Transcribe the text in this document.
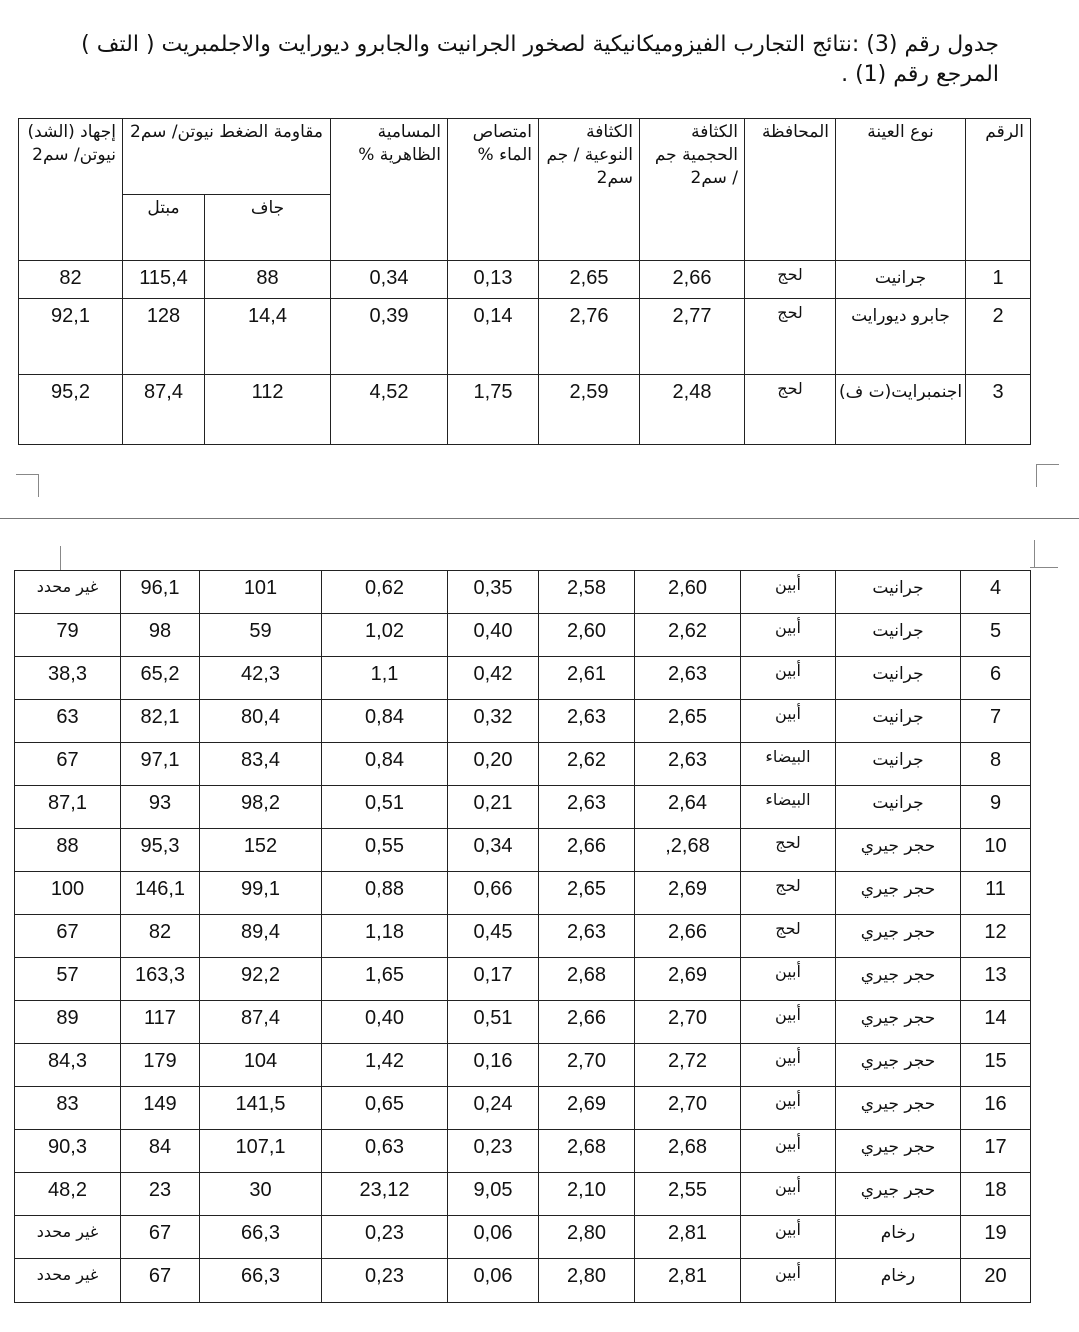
جدول رقم (3) :نتائج التجارب الفيزوميكانيكية لصخور الجرانيت والجابرو ديورايت والاجلمبريت ( التف )
المرجع رقم (1) .
إجهاد (الشد) نيوتن/ سم2	مقاومة الضغط نيوتن/ سم2		المسامية الظاهرية %	امتصاص الماء %	الكثافة النوعية / جم سم2	الكثافة الحجمية جم / سم2	المحافظة	نوع العينة	الرقم
	مبتل	جاف							
82	115,4	88	0,34	0,13	2,65	2,66	لحج	جرانيت	1
92,1	128	14,4	0,39	0,14	2,76	2,77	لحج	جابرو ديورايت	2
95,2	87,4	112	4,52	1,75	2,59	2,48	لحج	اجنمبرايت(ت ف)	3
غير محدد	96,1	101	0,62	0,35	2,58	2,60	أبين	جرانيت	4
79	98	59	1,02	0,40	2,60	2,62	أبين	جرانيت	5
38,3	65,2	42,3	1,1	0,42	2,61	2,63	أبين	جرانيت	6
63	82,1	80,4	0,84	0,32	2,63	2,65	أبين	جرانيت	7
67	97,1	83,4	0,84	0,20	2,62	2,63	البيضاء	جرانيت	8
87,1	93	98,2	0,51	0,21	2,63	2,64	البيضاء	جرانيت	9
88	95,3	152	0,55	0,34	2,66	,2,68	لحج	حجر جيري	10
100	146,1	99,1	0,88	0,66	2,65	2,69	لحج	حجر جيري	11
67	82	89,4	1,18	0,45	2,63	2,66	لحج	حجر جيري	12
57	163,3	92,2	1,65	0,17	2,68	2,69	أبين	حجر جيري	13
89	117	87,4	0,40	0,51	2,66	2,70	أبين	حجر جيري	14
84,3	179	104	1,42	0,16	2,70	2,72	أبين	حجر جيري	15
83	149	141,5	0,65	0,24	2,69	2,70	أبين	حجر جيري	16
90,3	84	107,1	0,63	0,23	2,68	2,68	أبين	حجر جيري	17
48,2	23	30	23,12	9,05	2,10	2,55	أبين	حجر جيري	18
غير محدد	67	66,3	0,23	0,06	2,80	2,81	أبين	رخام	19
غير محدد	67	66,3	0,23	0,06	2,80	2,81	أبين	رخام	20
